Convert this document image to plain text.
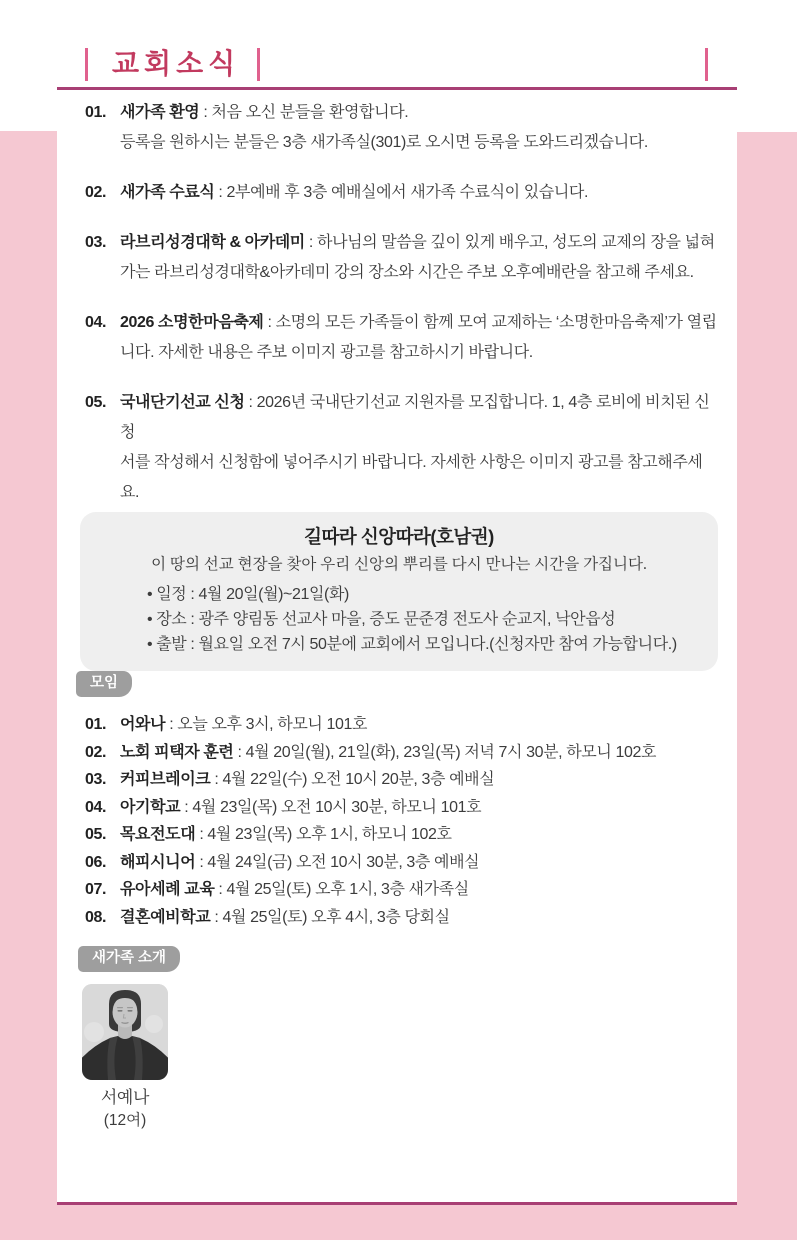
교회소식
01. 새가족 환영 : 처음 오신 분들을 환영합니다.
등록을 원하시는 분들은 3층 새가족실(301)로 오시면 등록을 도와드리겠습니다.
02. 새가족 수료식 : 2부예배 후 3층 예배실에서 새가족 수료식이 있습니다.
03. 라브리성경대학 & 아카데미 : 하나님의 말씀을 깊이 있게 배우고, 성도의 교제의 장을 넓혀
가는 라브리성경대학&아카데미 강의 장소와 시간은 주보 오후예배란을 참고해 주세요.
04. 2026 소명한마음축제 : 소명의 모든 가족들이 함께 모여 교제하는 ‘소명한마음축제’가 열립
니다. 자세한 내용은 주보 이미지 광고를 참고하시기 바랍니다.
05. 국내단기선교 신청 : 2026년 국내단기선교 지원자를 모집합니다. 1, 4층 로비에 비치된 신청
서를 작성해서 신청함에 넣어주시기 바랍니다. 자세한 사항은 이미지 광고를 참고해주세요.
길따라 신앙따라(호남권)
이 땅의 선교 현장을 찾아 우리 신앙의 뿌리를 다시 만나는 시간을 가집니다.
• 일정 : 4월 20일(월)~21일(화)
• 장소 : 광주 양림동 선교사 마을, 증도 문준경 전도사 순교지, 낙안읍성
• 출발 : 월요일 오전 7시 50분에 교회에서 모입니다.(신청자만 참여 가능합니다.)
모임
01. 어와나 : 오늘 오후 3시, 하모니 101호
02. 노회 피택자 훈련 : 4월 20일(월), 21일(화), 23일(목) 저녁 7시 30분, 하모니 102호
03. 커피브레이크 : 4월 22일(수) 오전 10시 20분, 3층 예배실
04. 아기학교 : 4월 23일(목) 오전 10시 30분, 하모니 101호
05. 목요전도대 : 4월 23일(목) 오후 1시, 하모니 102호
06. 해피시니어 : 4월 24일(금) 오전 10시 30분, 3층 예배실
07. 유아세례 교육 : 4월 25일(토) 오후 1시, 3층 새가족실
08. 결혼예비학교 : 4월 25일(토) 오후 4시, 3층 당회실
새가족 소개
서예나
(12여)
